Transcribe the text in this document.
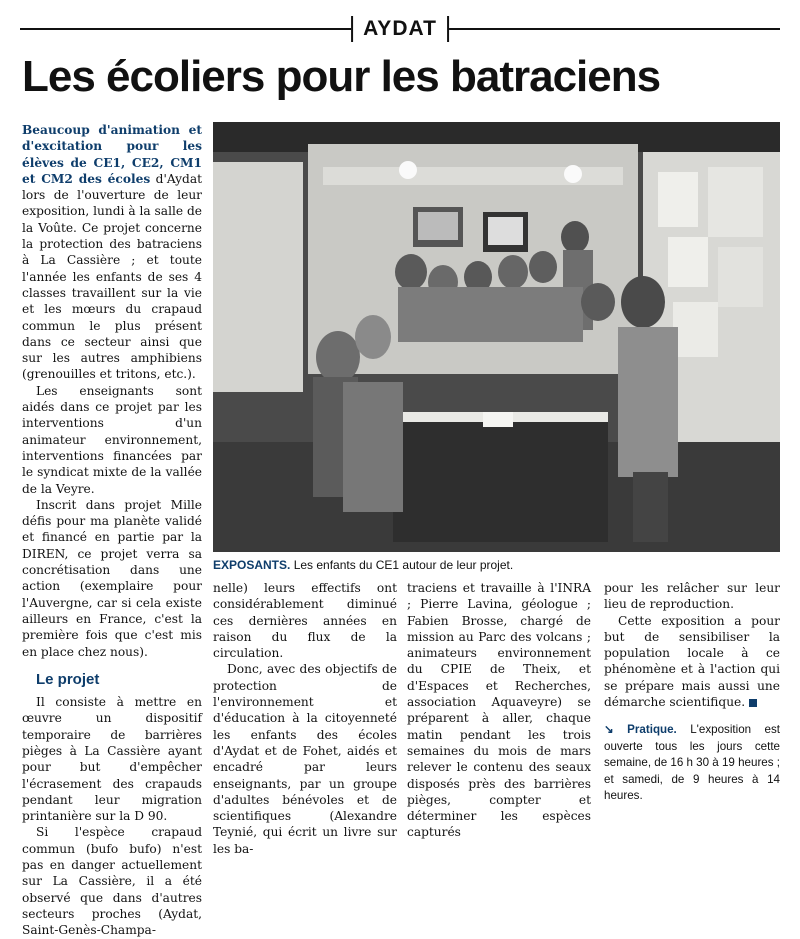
AYDAT
Les écoliers pour les batraciens

Beaucoup d'animation et d'excitation pour les élèves de CE1, CE2, CM1 et CM2 des écoles d'Aydat lors de l'ouverture de leur exposition, lundi à la salle de la Voûte. Ce projet concerne la protection des batraciens à La Cassière ; et toute l'année les enfants de ses 4 classes travaillent sur la vie et les mœurs du crapaud commun le plus présent dans ce secteur ainsi que sur les autres amphibiens (grenouilles et tritons, etc.).

Les enseignants sont aidés dans ce projet par les interventions d'un animateur environnement, interventions financées par le syndicat mixte de la vallée de la Veyre.

Inscrit dans projet Mille défis pour ma planète validé et financé en partie par la DIREN, ce projet verra sa concrétisation dans une action (exemplaire pour l'Auvergne, car si cela existe ailleurs en France, c'est la première fois que c'est mis en place chez nous).

Le projet

Il consiste à mettre en œuvre un dispositif temporaire de barrières pièges à La Cassière ayant pour but d'empêcher l'écrasement des crapauds pendant leur migration printanière sur la D 90.

Si l'espèce crapaud commun (bufo bufo) n'est pas en danger actuellement sur La Cassière, il a été observé que dans d'autres secteurs proches (Aydat, Saint-Genès-Champa-

EXPOSANTS. Les enfants du CE1 autour de leur projet.

nelle) leurs effectifs ont considérablement diminué ces dernières années en raison du flux de la circulation.

Donc, avec des objectifs de protection de l'environnement et d'éducation à la citoyenneté les enfants des écoles d'Aydat et de Fohet, aidés et encadré par leurs enseignants, par un groupe d'adultes bénévoles et de scientifiques (Alexandre Teynié, qui écrit un livre sur les ba-

traciens et travaille à l'INRA ; Pierre Lavina, géologue ; Fabien Brosse, chargé de mission au Parc des volcans ; animateurs environnement du CPIE de Theix, et d'Espaces et Recherches, association Aquaveyre) se préparent à aller, chaque matin pendant les trois semaines du mois de mars relever le contenu des seaux disposés près des barrières pièges, compter et déterminer les espèces capturés

pour les relâcher sur leur lieu de reproduction.

Cette exposition a pour but de sensibiliser la population locale à ce phénomène et à l'action qui se prépare mais aussi une démarche scientifique.

↘ Pratique. L'exposition est ouverte tous les jours cette semaine, de 16 h 30 à 19 heures ; et samedi, de 9 heures à 14 heures.
